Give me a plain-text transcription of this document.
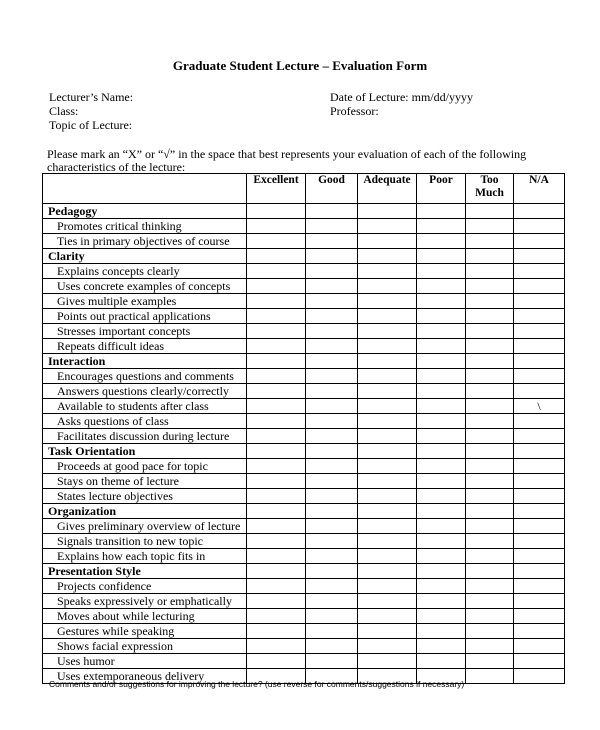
Graduate Student Lecture – Evaluation Form
Lecturer’s Name:
Class:
Topic of Lecture:
Date of Lecture: mm/dd/yyyy
Professor:
Please mark an “X” or “√” in the space that best represents your evaluation of each of the following characteristics of the lecture:
	Excellent	Good	Adequate	Poor	Too Much	N/A
Pedagogy						
Promotes critical thinking						
Ties in primary objectives of course						
Clarity						
Explains concepts clearly						
Uses concrete examples of concepts						
Gives multiple examples						
Points out practical applications						
Stresses important concepts						
Repeats difficult ideas						
Interaction						
Encourages questions and comments						
Answers questions clearly/correctly						
Available to students after class						\
Asks questions of class						
Facilitates discussion during lecture						
Task Orientation						
Proceeds at good pace for topic						
Stays on theme of lecture						
States lecture objectives						
Organization						
Gives preliminary overview of lecture						
Signals transition to new topic						
Explains how each topic fits in						
Presentation Style						
Projects confidence						
Speaks expressively or emphatically						
Moves about while lecturing						
Gestures while speaking						
Shows facial expression						
Uses humor						
Uses extemporaneous delivery						
Comments and/or suggestions for improving the lecture? (use reverse for comments/suggestions if necessary)
